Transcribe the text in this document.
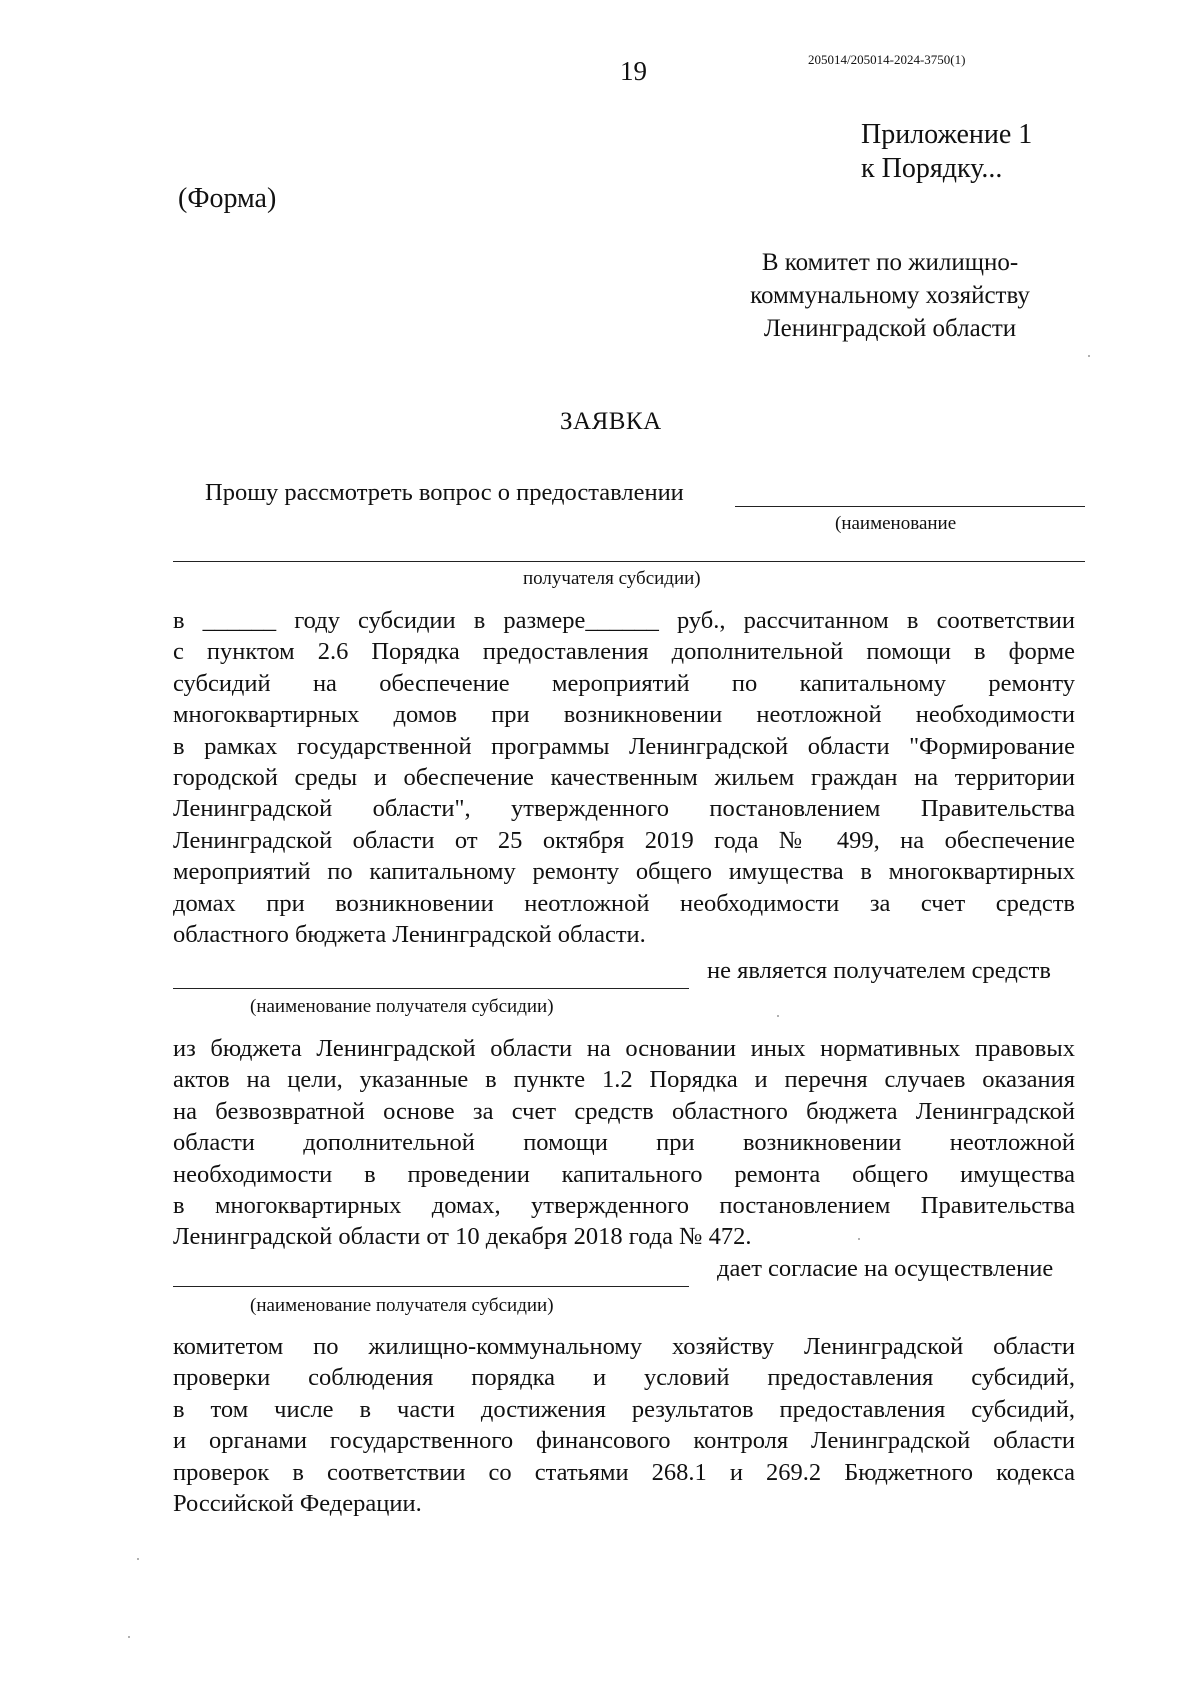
19	205014/205014-2024-3750(1)
Приложение 1
к Порядку...
(Форма)
В комитет по жилищно-
коммунальному хозяйству
Ленинградской области
ЗАЯВКА
Прошу рассмотреть вопрос о предоставлении
(наименование
получателя субсидии)
в ______ году субсидии в размере______ руб., рассчитанном в соответствии
с пунктом 2.6 Порядка предоставления дополнительной помощи в форме
субсидий на обеспечение мероприятий по капитальному ремонту
многоквартирных домов при возникновении неотложной необходимости
в рамках государственной программы Ленинградской области "Формирование
городской среды и обеспечение качественным жильем граждан на территории
Ленинградской области", утвержденного постановлением Правительства
Ленинградской области от 25 октября 2019 года № 499, на обеспечение
мероприятий по капитальному ремонту общего имущества в многоквартирных
домах при возникновении неотложной необходимости за счет средств
областного бюджета Ленинградской области.
не является получателем средств
(наименование получателя субсидии)
из бюджета Ленинградской области на основании иных нормативных правовых
актов на цели, указанные в пункте 1.2 Порядка и перечня случаев оказания
на безвозвратной основе за счет средств областного бюджета Ленинградской
области дополнительной помощи при возникновении неотложной
необходимости в проведении капитального ремонта общего имущества
в многоквартирных домах, утвержденного постановлением Правительства
Ленинградской области от 10 декабря 2018 года № 472.
дает согласие на осуществление
(наименование получателя субсидии)
комитетом по жилищно-коммунальному хозяйству Ленинградской области
проверки соблюдения порядка и условий предоставления субсидий,
в том числе в части достижения результатов предоставления субсидий,
и органами государственного финансового контроля Ленинградской области
проверок в соответствии со статьями 268.1 и 269.2 Бюджетного кодекса
Российской Федерации.
